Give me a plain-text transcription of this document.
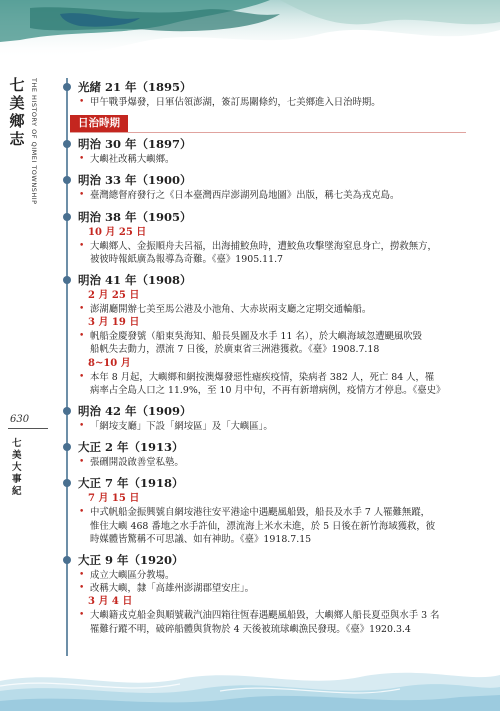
七美鄉志 THE HISTORY OF QIMEI TOWNSHIP
630
七美大事紀
光緒 21 年（1895）
• 甲午戰爭爆發，日軍佔領澎湖，簽訂馬關條約，七美鄉進入日治時期。
日治時期
明治 30 年（1897）
• 大嶼社改稱大嶼鄉。
明治 33 年（1900）
• 臺灣總督府發行之《日本臺灣西岸澎湖列島地圖》出版，稱七美為戎克島。
明治 38 年（1905）
10 月 25 日
• 大嶼鄉人、金振順舟夫呂福，出海捕鮫魚時，遭鮫魚攻擊墜海窒息身亡，撈救無方，
被彼時報紙廣為報導為奇難。《臺》1905.11.7
明治 41 年（1908）
2 月 25 日
• 澎湖廳開辦七美至馬公港及小池角、大赤崁兩支廳之定期交通輪船。
3 月 19 日
• 帆船金慶發號（船東吳海知、船長吳圖及水手 11 名），於大嶼海域忽遭颶風吹毀
船帆失去動力，漂流 7 日後，於廣東省三洲港獲救。《臺》1908.7.18
8~10 月
• 本年 8 月起，大嶼鄉和網按澳爆發惡性瘧疾疫情，染病者 382 人，死亡 84 人，罹
病率占全島人口之 11.9%，至 10 月中旬，不再有新增病例，疫情方才停息。《臺史》
明治 42 年（1909）
• 「網垵支廳」下設「網垵區」及「大嶼區」。
大正 2 年（1913）
• 張硎開設啟善堂私塾。
大正 7 年（1918）
7 月 15 日
• 中式帆船金振興號自網垵港往安平港途中遇颶風船毀，船長及水手 7 人罹難無蹤，
惟住大嶼 468 番地之水手許仙，漂流海上米水未進，於 5 日後在新竹海域獲救，彼
時媒體皆驚稱不可思議、如有神助。《臺》1918.7.15
大正 9 年（1920）
• 成立大嶼區分教場。
• 改稱大嶼，隸「高雄州澎湖郡望安庄」。
3 月 4 日
• 大嶼籍戎克船金與順號載汽油四箱往恆春遇颶風船毀，大嶼鄉人船長夏亞與水手 3 名
罹難行蹤不明，破碎船體與貨物於 4 天後被琉球嶼漁民發現。《臺》1920.3.4
